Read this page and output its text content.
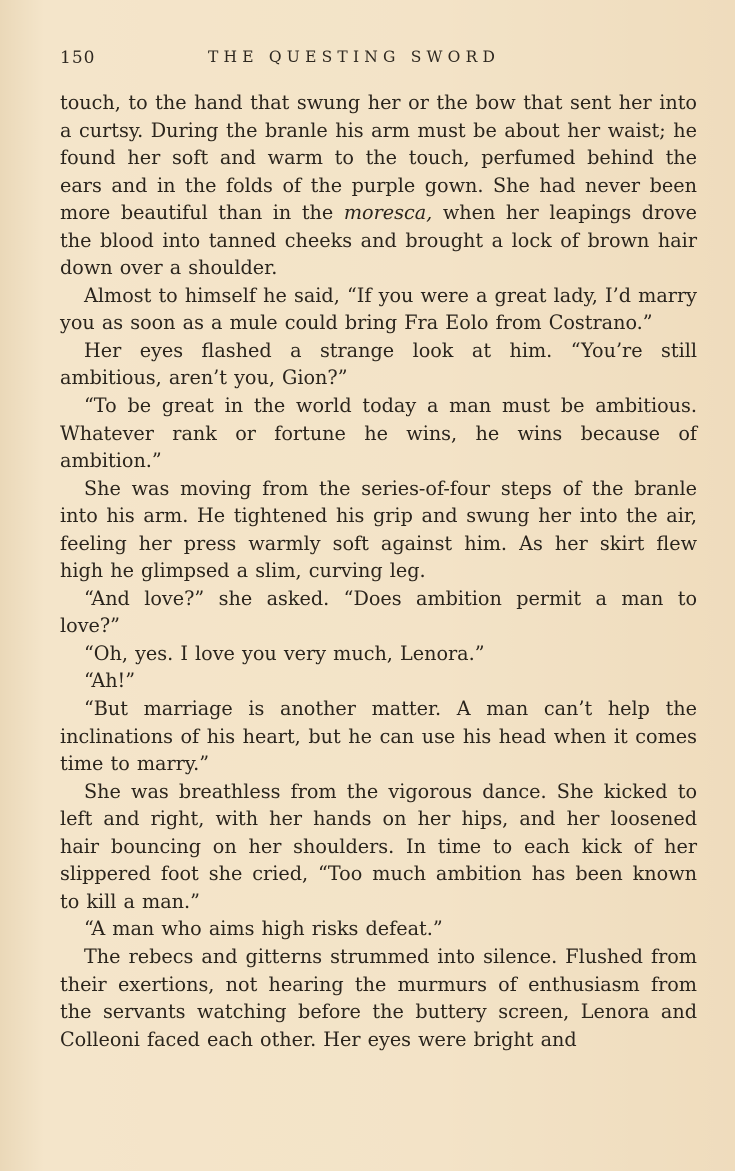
150	THE QUESTING SWORD

touch, to the hand that swung her or the bow that sent her into a curtsy. During the branle his arm must be about her waist; he found her soft and warm to the touch, perfumed behind the ears and in the folds of the purple gown. She had never been more beautiful than in the moresca, when her leapings drove the blood into tanned cheeks and brought a lock of brown hair down over a shoulder.

Almost to himself he said, “If you were a great lady, I’d marry you as soon as a mule could bring Fra Eolo from Costrano.”

Her eyes flashed a strange look at him. “You’re still ambitious, aren’t you, Gion?”

“To be great in the world today a man must be ambitious. Whatever rank or fortune he wins, he wins because of ambition.”

She was moving from the series-of-four steps of the branle into his arm. He tightened his grip and swung her into the air, feeling her press warmly soft against him. As her skirt flew high he glimpsed a slim, curving leg.

“And love?” she asked. “Does ambition permit a man to love?”

“Oh, yes. I love you very much, Lenora.”

“Ah!”

“But marriage is another matter. A man can’t help the inclinations of his heart, but he can use his head when it comes time to marry.”

She was breathless from the vigorous dance. She kicked to left and right, with her hands on her hips, and her loosened hair bouncing on her shoulders. In time to each kick of her slippered foot she cried, “Too much ambition has been known to kill a man.”

“A man who aims high risks defeat.”

The rebecs and gitterns strummed into silence. Flushed from their exertions, not hearing the murmurs of enthusiasm from the servants watching before the buttery screen, Lenora and Colleoni faced each other. Her eyes were bright and
